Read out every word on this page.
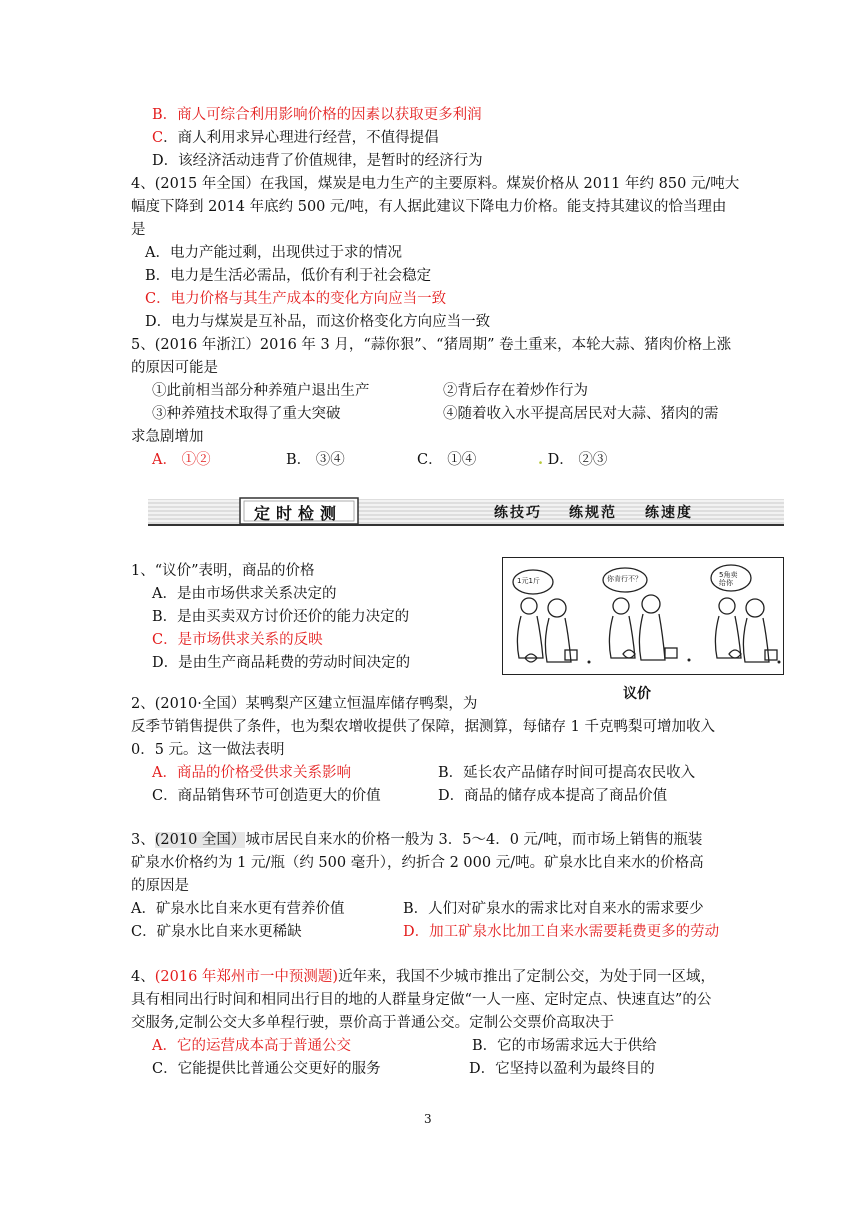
B．商人可综合利用影响价格的因素以获取更多利润
C．商人利用求异心理进行经营，不值得提倡
D．该经济活动违背了价值规律，是暂时的经济行为
4、(2015 年全国）在我国，煤炭是电力生产的主要原料。煤炭价格从 2011 年约 850 元/吨大
幅度下降到 2014 年底约 500 元/吨，有人据此建议下降电力价格。能支持其建议的恰当理由
是
A．电力产能过剩，出现供过于求的情况
B．电力是生活必需品，低价有利于社会稳定
C．电力价格与其生产成本的变化方向应当一致
D．电力与煤炭是互补品，而这价格变化方向应当一致
5、(2016 年浙江）2016 年 3 月，“蒜你狠”、“猪周期” 卷土重来，本轮大蒜、猪肉价格上涨
的原因可能是
①此前相当部分种养殖户退出生产	②背后存在着炒作行为
③种养殖技术取得了重大突破	④随着收入水平提高居民对大蒜、猪肉的需
求急剧增加
A． ①②	B． ③④	C． ①④	. D． ②③
定时检测	练技巧 练规范 练速度
1、“议价”表明，商品的价格
A．是由市场供求关系决定的
B．是由买卖双方讨价还价的能力决定的
C．是市场供求关系的反映
D．是由生产商品耗费的劳动时间决定的
1元1斤	你肯行不？	5角卖给你
议价
2、(2010·全国）某鸭梨产区建立恒温库储存鸭梨，为
反季节销售提供了条件，也为梨农增收提供了保障，据测算，每储存 1 千克鸭梨可增加收入
0．5 元。这一做法表明
A．商品的价格受供求关系影响	B．延长农产品储存时间可提高农民收入
C．商品销售环节可创造更大的价值	D．商品的储存成本提高了商品价值
3、(2010 全国）城市居民自来水的价格一般为 3．5～4．0 元/吨，而市场上销售的瓶装
矿泉水价格约为 1 元/瓶（约 500 毫升），约折合 2 000 元/吨。矿泉水比自来水的价格高
的原因是
A．矿泉水比自来水更有营养价值	B．人们对矿泉水的需求比对自来水的需求要少
C．矿泉水比自来水更稀缺	D．加工矿泉水比加工自来水需要耗费更多的劳动
4、(2016 年郑州市一中预测题)近年来，我国不少城市推出了定制公交，为处于同一区域，
具有相同出行时间和相同出行目的地的人群量身定做“一人一座、定时定点、快速直达”的公
交服务,定制公交大多单程行驶，票价高于普通公交。定制公交票价高取决于
A．它的运营成本高于普通公交	B．它的市场需求远大于供给
C．它能提供比普通公交更好的服务	D．它坚持以盈利为最终目的
3
